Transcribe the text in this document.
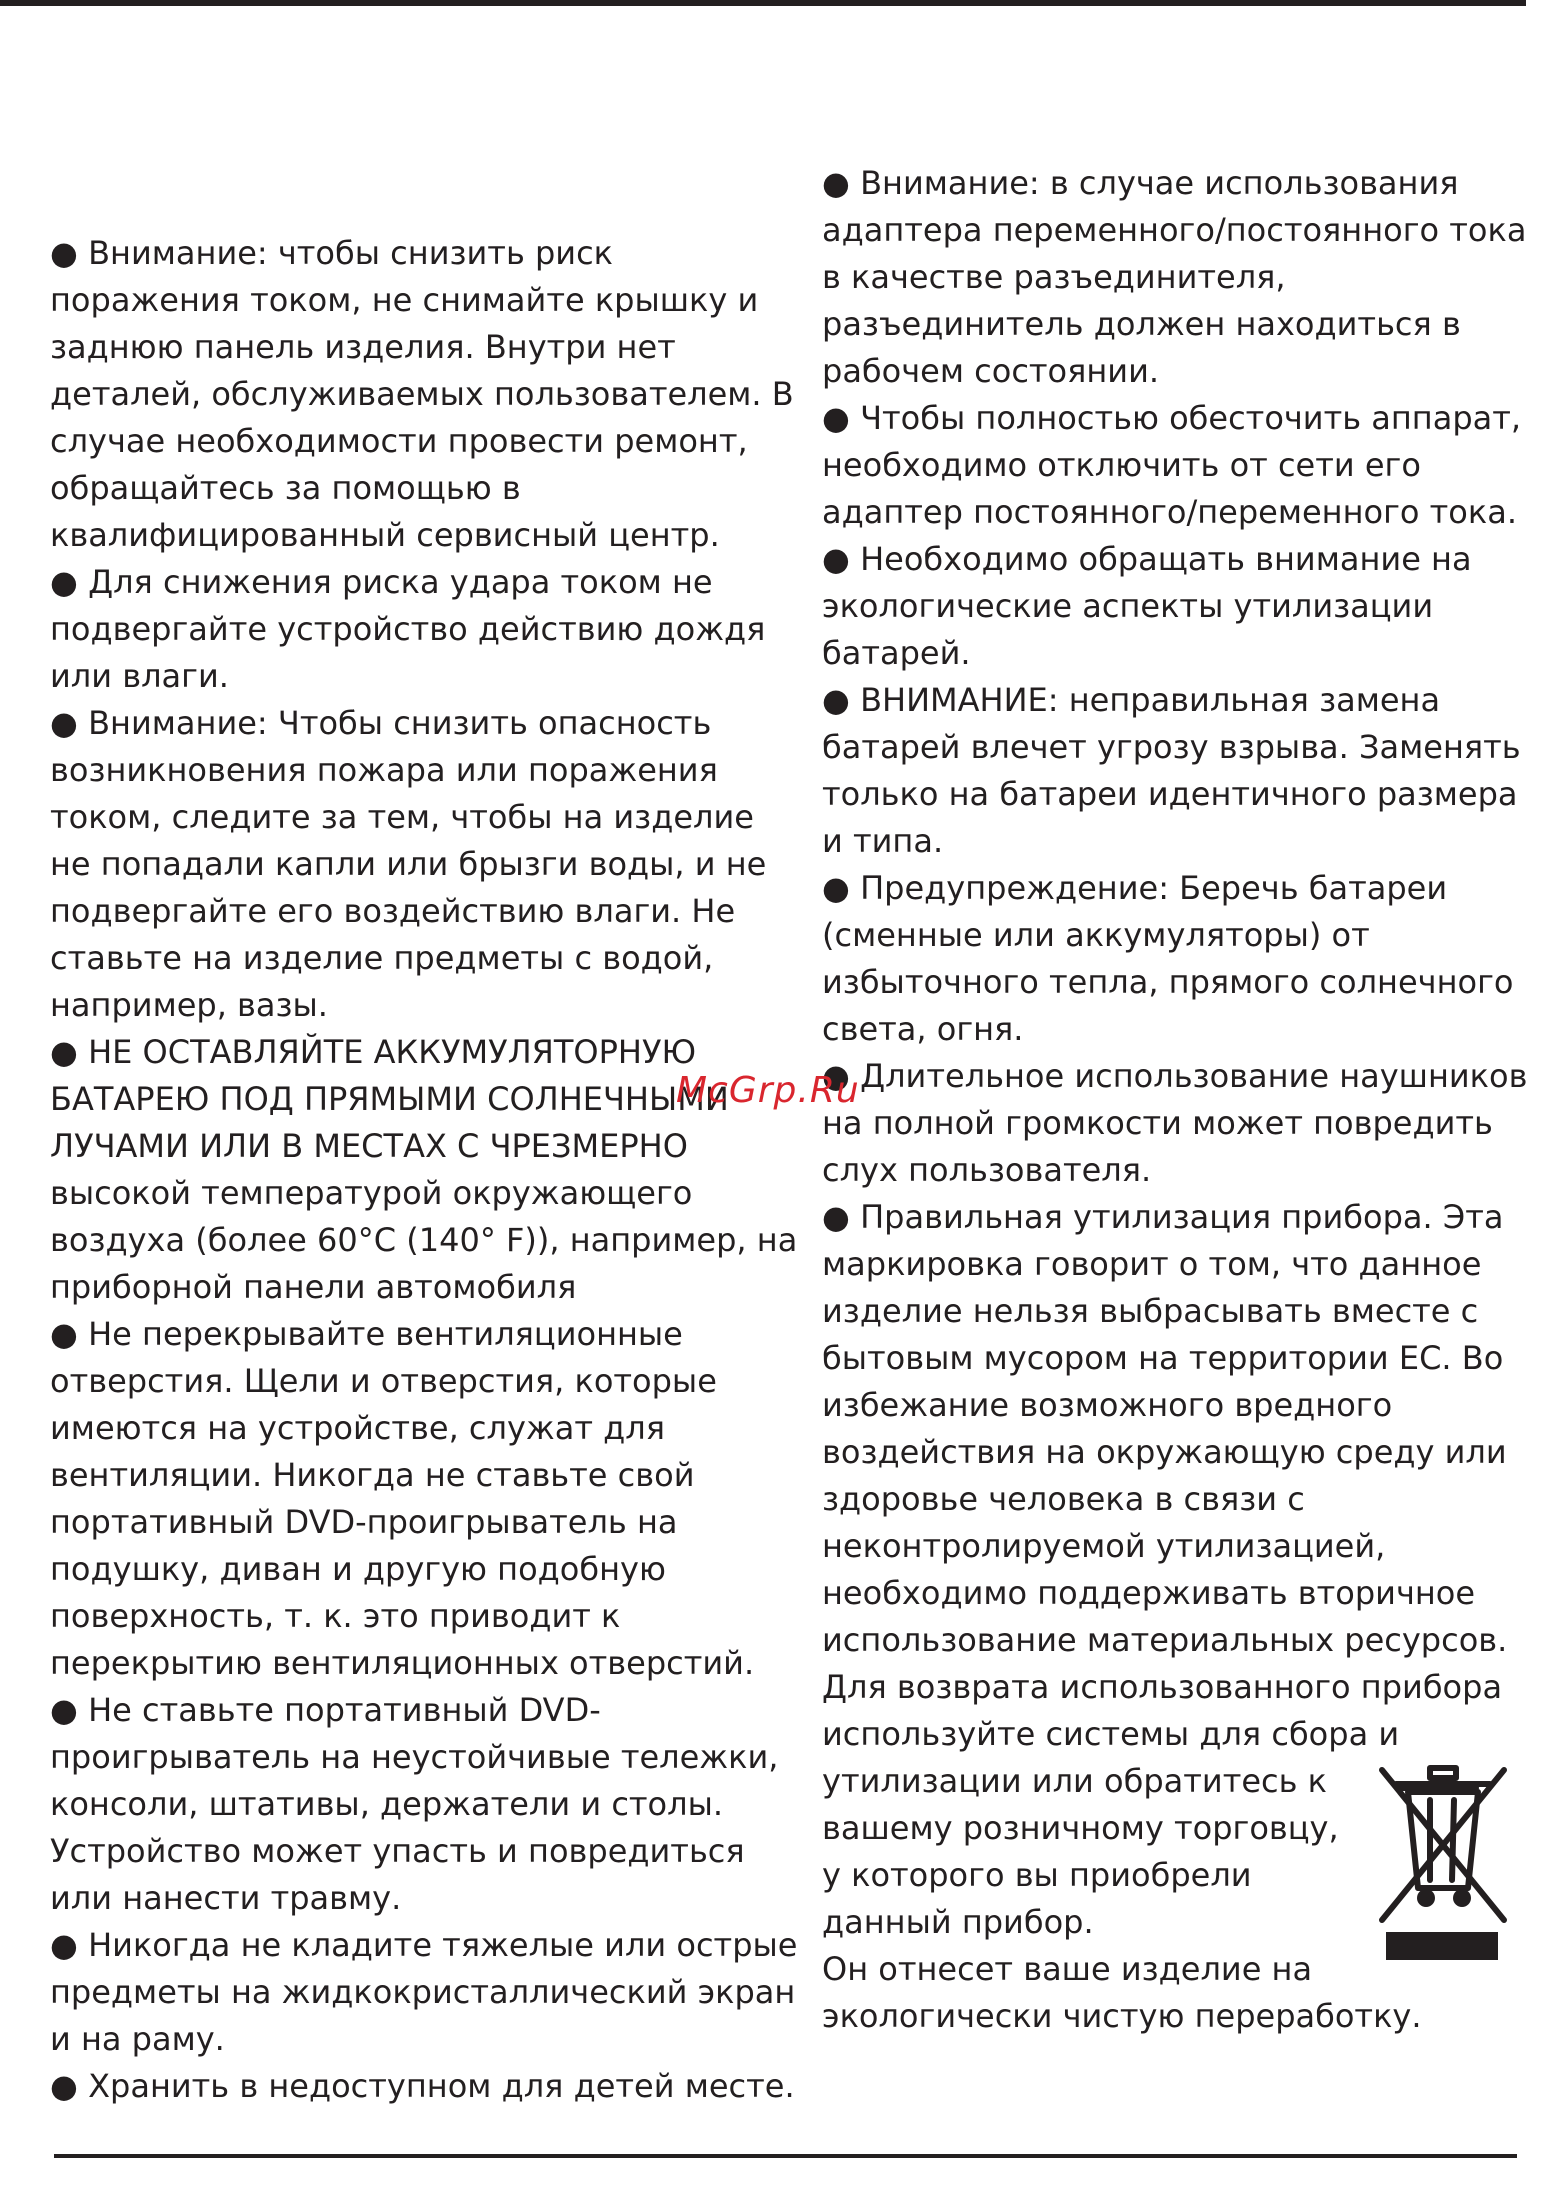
● Внимание: чтобы снизить риск поражения током, не снимайте крышку и заднюю панель изделия. Внутри нет деталей, обслуживаемых пользователем. В случае необходимости провести ремонт, обращайтесь за помощью в квалифицированный сервисный центр.

● Для снижения риска удара током не подвергайте устройство действию дождя или влаги.

● Внимание: Чтобы снизить опасность возникновения пожара или поражения током, следите за тем, чтобы на изделие не попадали капли или брызги воды, и не подвергайте его воздействию влаги. Не ставьте на изделие предметы с водой, например, вазы.

● НЕ ОСТАВЛЯЙТЕ АККУМУЛЯТОРНУЮ БАТАРЕЮ ПОД ПРЯМЫМИ СОЛНЕЧНЫМИ ЛУЧАМИ ИЛИ В МЕСТАХ С ЧРЕЗМЕРНО высокой температурой окружающего воздуха (более 60°C (140° F)), например, на приборной панели автомобиля

● Не перекрывайте вентиляционные отверстия. Щели и отверстия, которые имеются на устройстве, служат для вентиляции. Никогда не ставьте свой портативный DVD-проигрыватель на подушку, диван и другую подобную поверхность, т. к. это приводит к перекрытию вентиляционных отверстий.

● Не ставьте портативный DVD-проигрыватель на неустойчивые тележки, консоли, штативы, держатели и столы. Устройство может упасть и повредиться или нанести травму.

● Никогда не кладите тяжелые или острые предметы на жидкокристаллический экран и на раму.

● Хранить в недоступном для детей месте.

● Внимание: в случае использования адаптера переменного/постоянного тока в качестве разъединителя, разъединитель должен находиться в рабочем состоянии.

● Чтобы полностью обесточить аппарат, необходимо отключить от сети его адаптер постоянного/переменного тока.

● Необходимо обращать внимание на экологические аспекты утилизации батарей.

● ВНИМАНИЕ: неправильная замена батарей влечет угрозу взрыва. Заменять только на батареи идентичного размера и типа.

● Предупреждение: Беречь батареи (сменные или аккумуляторы) от избыточного тепла, прямого солнечного света, огня.

● Длительное использование наушников на полной громкости может повредить слух пользователя.

● Правильная утилизация прибора. Эта маркировка говорит о том, что данное изделие нельзя выбрасывать вместе с бытовым мусором на территории ЕС. Во избежание возможного вредного воздействия на окружающую среду или здоровье человека в связи с неконтролируемой утилизацией, необходимо поддерживать вторичное использование материальных ресурсов. Для возврата использованного прибора используйте системы для сбора и

утилизации или обратитесь к вашему розничному торговцу, у которого вы приобрели данный прибор.

Он отнесет ваше изделие на экологически чистую переработку.

McGrp.Ru
